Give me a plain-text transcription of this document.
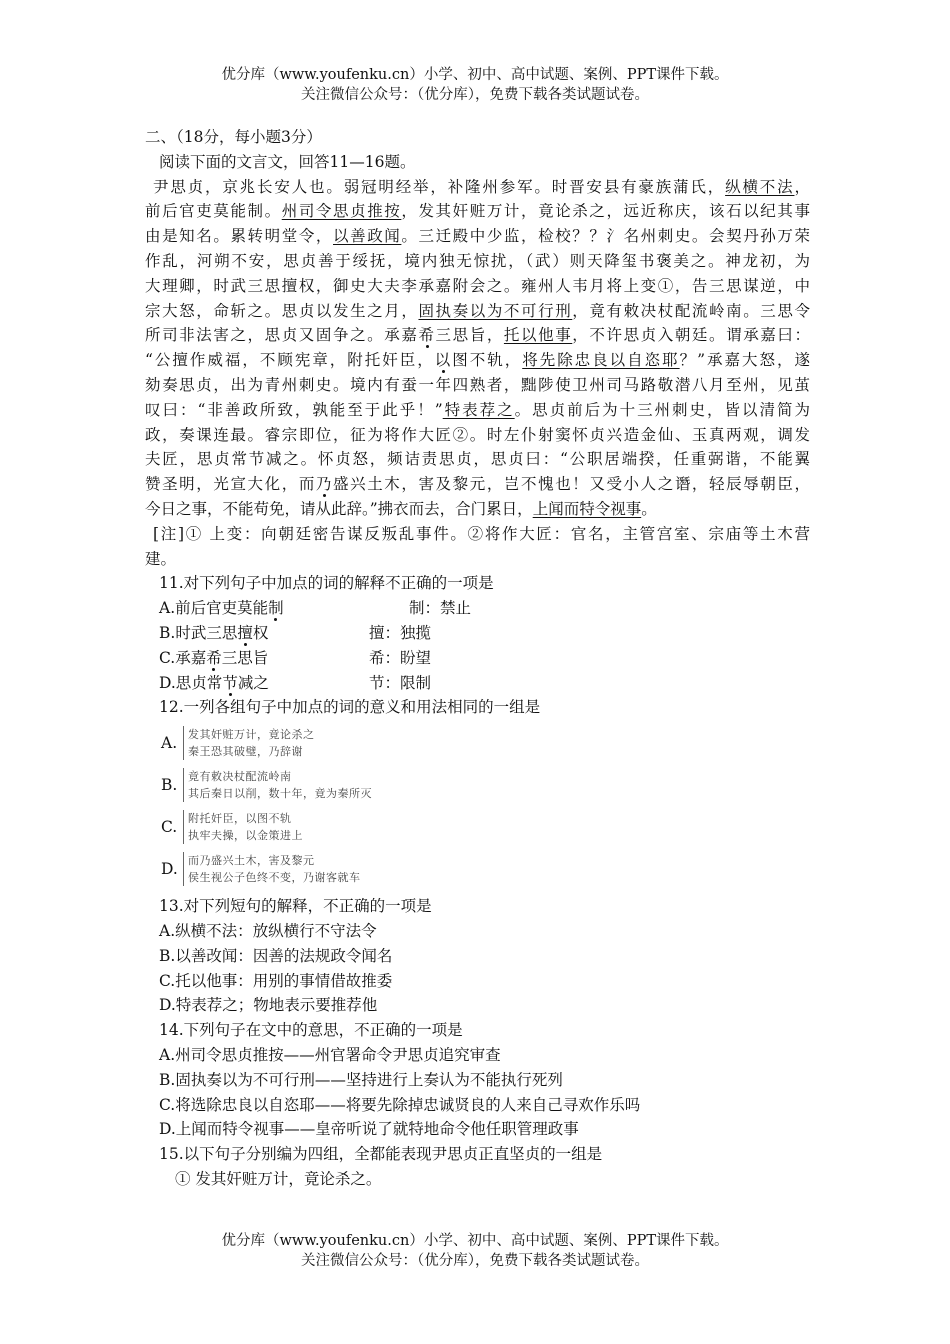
优分库（www.youfenku.cn）小学、初中、高中试题、案例、PPT课件下载。
关注微信公众号：（优分库），免费下载各类试题试卷。
二、（18分，每小题3分）
阅读下面的文言文，回答11—16题。
尹思贞，京兆长安人也。弱冠明经举，补隆州参军。时晋安县有豪族蒲氏，纵横不法，
前后官吏莫能制。州司令思贞推按，发其奸赃万计，竟论杀之，远近称庆，该石以纪其事
由是知名。累转明堂令，以善政闻。三迁殿中少监，检校？？氵名州刺史。会契丹孙万荣
作乱，河朔不安，思贞善于绥抚，境内独无惊扰，（武）则天降玺书褒美之。神龙初，为
大理卿，时武三思擅权，御史大夫李承嘉附会之。雍州人韦月将上变①，告三思谋逆，中
宗大怒，命斩之。思贞以发生之月，固执奏以为不可行刑，竟有敕决杖配流岭南。三思令
所司非法害之，思贞又固争之。承嘉希三思旨，托以他事，不许思贞入朝廷。谓承嘉曰：
“公擅作威福，不顾宪章，附托奸臣，以图不轨，将先除忠良以自恣耶？”承嘉大怒，遂
劾奏思贞，出为青州刺史。境内有蚕一年四熟者，黜陟使卫州司马路敬潜八月至州，见茧
叹曰：“非善政所致，孰能至于此乎！”特表荐之。思贞前后为十三州刺史，皆以清简为
政，奏课连最。睿宗即位，征为将作大匠②。时左仆射窦怀贞兴造金仙、玉真两观，调发
夫匠，思贞常节减之。怀贞怒，频诘责思贞，思贞曰：“公职居端揆，任重弼谐，不能翼
赞圣明，光宣大化，而乃盛兴土木，害及黎元，岂不愧也！又受小人之谮，轻辰辱朝臣，
今日之事，不能苟免，请从此辞。”拂衣而去，合门累日，上闻而特令视事。
[注]① 上变：向朝廷密告谋反叛乱事件。②将作大匠：官名，主管宫室、宗庙等土木营
建。
11.对下列句子中加点的词的解释不正确的一项是
A.前后官吏莫能制	制：禁止
B.时武三思擅权	擅：独揽
C.承嘉希三思旨	希：盼望
D.思贞常节减之	节：限制
12.一列各组句子中加点的词的意义和用法相同的一组是
A. 发其奸赃万计，竟论杀之
秦王恐其破璧，乃辞谢
B. 竟有敕决杖配流岭南
其后秦日以削，数十年，竟为秦所灭
C. 附托奸臣，以图不轨
执牢夫操，以金策进上
D. 而乃盛兴土木，害及黎元
侯生视公子色终不变，乃谢客就车
13.对下列短句的解释，不正确的一项是
A.纵横不法：放纵横行不守法令
B.以善改闻：因善的法规政令闻名
C.托以他事：用别的事情借故推委
D.特表荐之；物地表示要推荐他
14.下列句子在文中的意思，不正确的一项是
A.州司令思贞推按——州官署命令尹思贞追究审查
B.固执奏以为不可行刑——坚持进行上奏认为不能执行死列
C.将选除忠良以自恣耶——将要先除掉忠诚贤良的人来自己寻欢作乐吗
D.上闻而特令视事——皇帝听说了就特地命令他任职管理政事
15.以下句子分别编为四组，全都能表现尹思贞正直坚贞的一组是
① 发其奸赃万计，竟论杀之。
优分库（www.youfenku.cn）小学、初中、高中试题、案例、PPT课件下载。
关注微信公众号：（优分库），免费下载各类试题试卷。
